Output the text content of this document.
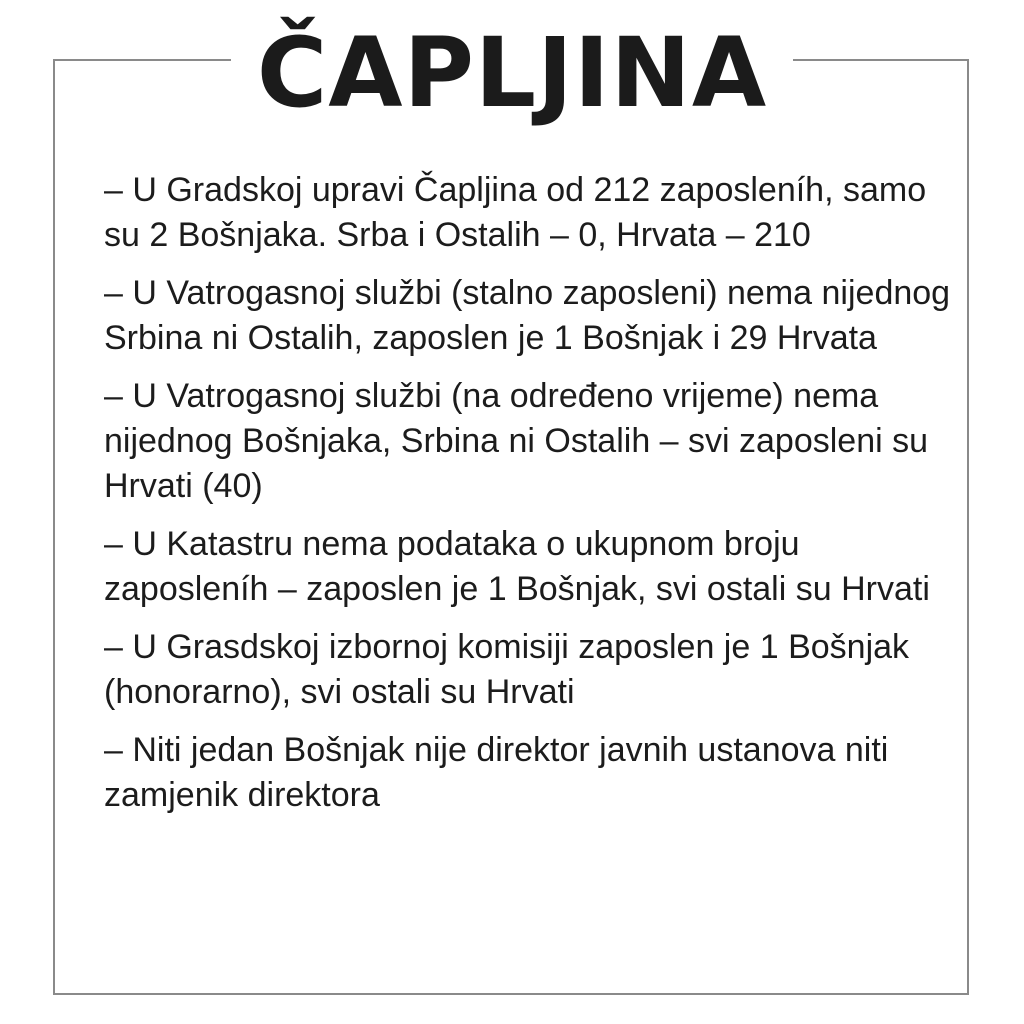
ČAPLJINA

– U Gradskoj upravi Čapljina od 212 zaposleníh, samo su 2 Bošnjaka. Srba i Ostalih – 0, Hrvata – 210

– U Vatrogasnoj službi (stalno zaposleni) nema nijednog Srbina ni Ostalih, zaposlen je 1 Bošnjak i 29 Hrvata

– U Vatrogasnoj službi (na određeno vrijeme) nema nijednog Bošnjaka, Srbina ni Ostalih – svi zaposleni su Hrvati (40)

– U Katastru nema podataka o ukupnom broju zaposleníh – zaposlen je 1 Bošnjak, svi ostali su Hrvati

– U Grasdskoj izbornoj komisiji zaposlen je 1 Bošnjak (honorarno), svi ostali su Hrvati

– Niti jedan Bošnjak nije direktor javnih ustanova niti zamjenik direktora
